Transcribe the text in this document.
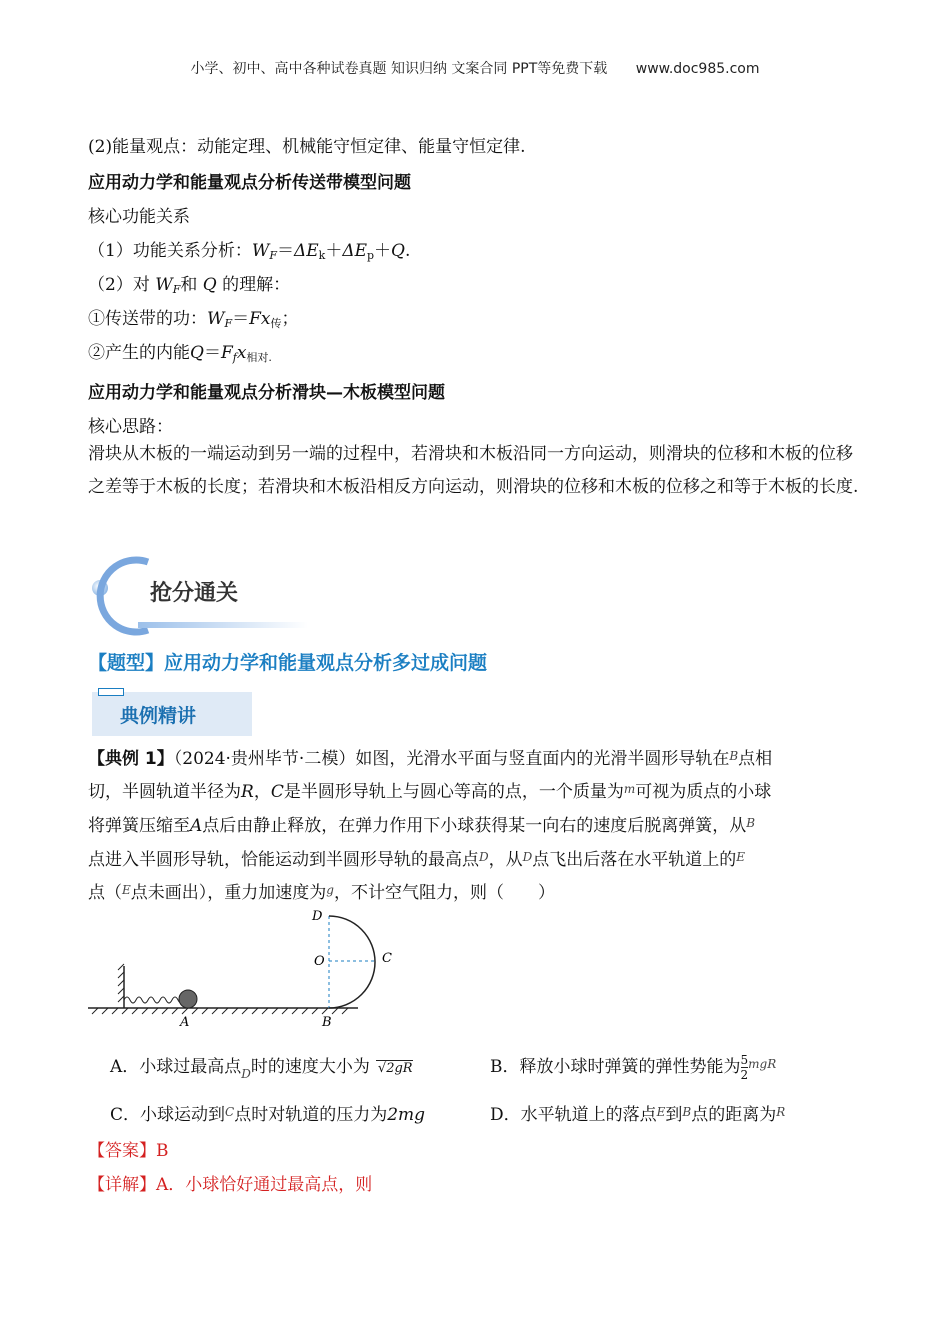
小学、初中、高中各种试卷真题 知识归纳 文案合同 PPT等免费下载 www.doc985.com
(2)能量观点：动能定理、机械能守恒定律、能量守恒定律.
应用动力学和能量观点分析传送带模型问题
核心功能关系
（1）功能关系分析：$W_F=\Delta E_k+\Delta E_p+Q$.
（2）对 $W_F$和 Q 的理解：
①传送带的功：$W_F=Fx_传$；
②产生的内能$Q=F_fx_{相对.}$
应用动力学和能量观点分析滑块—木板模型问题
核心思路：
滑块从木板的一端运动到另一端的过程中，若滑块和木板沿同一方向运动，则滑块的位移和木板的位移之差等于木板的长度；若滑块和木板沿相反方向运动，则滑块的位移和木板的位移之和等于木板的长度.
抢分通关
【题型】应用动力学和能量观点分析多过成问题
典例精讲
【典例 1】（2024·贵州毕节·二模）如图，光滑水平面与竖直面内的光滑半圆形导轨在$^B$点相
切，半圆轨道半径为R，C是半圆形导轨上与圆心等高的点，一个质量为$^m$可视为质点的小球
将弹簧压缩至A点后由静止释放，在弹力作用下小球获得某一向右的速度后脱离弹簧，从$^B$
点进入半圆形导轨，恰能运动到半圆形导轨的最高点$^D$，从$^D$点飞出后落在水平轨道上的$^E$
点（$^E$点未画出），重力加速度为$^g$，不计空气阻力，则（　　）
A	B
D
O	C
A．小球过最高点$_D$时的速度大小为 √2gR	B．释放小球时弹簧的弹性势能为 $\frac{5}{2} ^{mgR}$
C．小球运动到$^C$点时对轨道的压力为2mg	D．水平轨道上的落点$^E$到$^B$点的距离为$^R$
【答案】B
【详解】A．小球恰好通过最高点，则
